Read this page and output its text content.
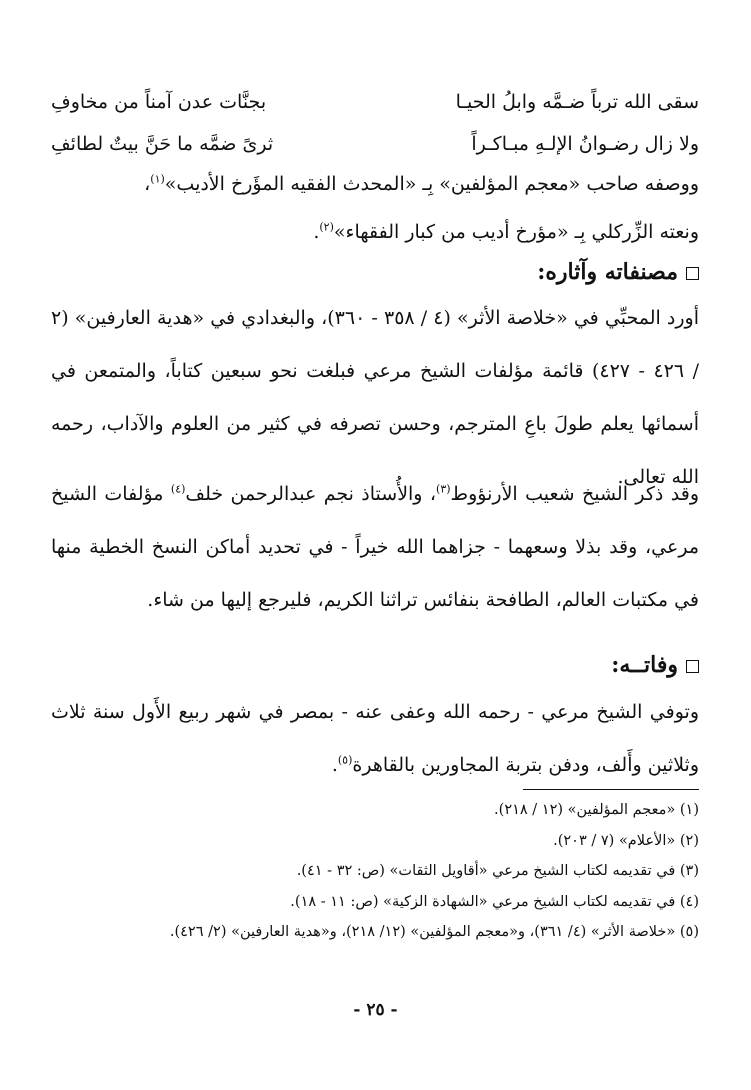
سقى الله ترباً ضـمَّه وابلُ الحيـا
بجنَّات عدن آمناً من مخاوفِ
ولا زال رضـوانُ الإلـهِ مبـاكـراً
ثرىً ضمَّه ما حَنَّ بيتٌ لطائفِ
ووصفه صاحب «معجم المؤلفين» بِـ «المحدث الفقيه المؤَرخ الأديب»$^{(١)}$،
ونعته الزِّركلي بِـ «مؤرخ أديب من كبار الفقهاء»$^{(٢)}$.
مصنفاته وآثاره:
أورد المحبِّي في «خلاصة الأثر» (٤ / ٣٥٨ - ٣٦٠)، والبغدادي في «هدية العارفين» (٢ / ٤٢٦ - ٤٢٧) قائمة مؤلفات الشيخ مرعي فبلغت نحو سبعين كتاباً، والمتمعن في أسمائها يعلم طولَ باعِ المترجم، وحسن تصرفه في كثير من العلوم والآداب، رحمه الله تعالى.
وقد ذكر الشيخ شعيب الأرنؤوط$^{(٣)}$، والأُستاذ نجم عبدالرحمن خلف$^{(٤)}$ مؤلفات الشيخ مرعي، وقد بذلا وسعهما - جزاهما الله خيراً - في تحديد أماكن النسخ الخطية منها في مكتبات العالم، الطافحة بنفائس تراثنا الكريم، فليرجع إليها من شاء.
وفاتــه:
وتوفي الشيخ مرعي - رحمه الله وعفى عنه - بمصر في شهر ربيع الأَول سنة ثلاث وثلاثين وأَلف، ودفن بتربة المجاورين بالقاهرة$^{(٥)}$.
(١) «معجم المؤلفين» (١٢ / ٢١٨).
(٢) «الأعلام» (٧ / ٢٠٣).
(٣) في تقديمه لكتاب الشيخ مرعي «أقاويل الثقات» (ص: ٣٢ - ٤١).
(٤) في تقديمه لكتاب الشيخ مرعي «الشهادة الزكية» (ص: ١١ - ١٨).
(٥) «خلاصة الأثر» (٤/ ٣٦١)، و«معجم المؤلفين» (١٢/ ٢١٨)، و«هدية العارفين» (٢/ ٤٢٦).
- ٢٥ -
